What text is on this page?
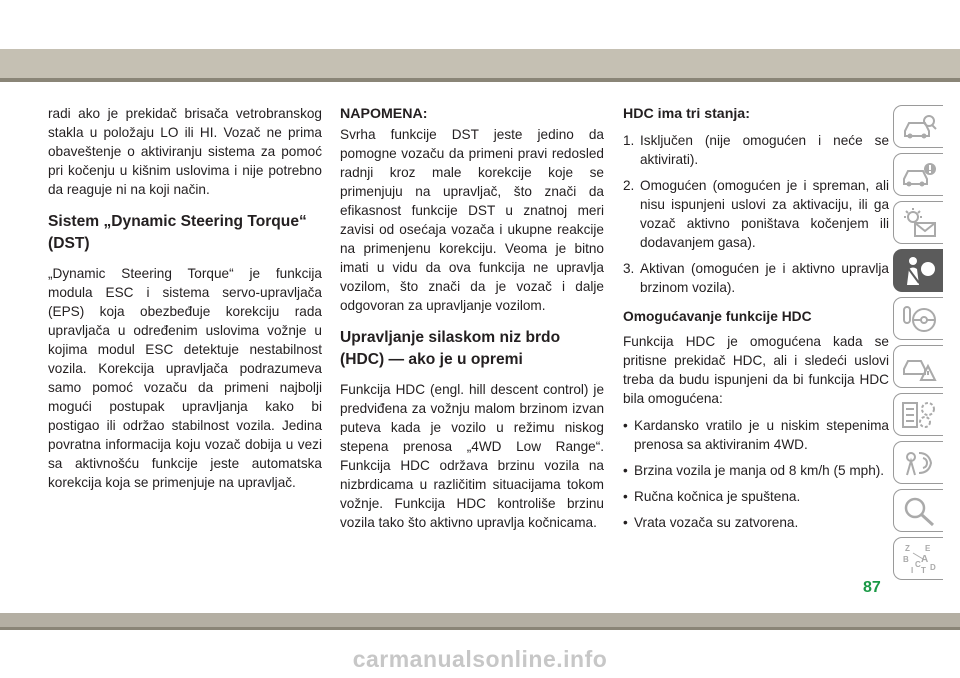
radi ako je prekidač brisača vetrobranskog stakla u položaju LO ili HI. Vozač ne prima obaveštenje o aktiviranju sistema za pomoć pri kočenju u kišnim uslovima i nije potrebno da reaguje ni na koji način.

Sistem „Dynamic Steering Torque“ (DST)

„Dynamic Steering Torque“ je funkcija modula ESC i sistema servo-upravljača (EPS) koja obezbeđuje korekciju rada upravljača u određenim uslovima vožnje u kojima modul ESC detektuje nestabilnost vozila. Korekcija upravljača podrazumeva samo pomoć vozaču da primeni najbolji mogući postupak upravljanja kako bi postigao ili održao stabilnost vozila. Jedina povratna informacija koju vozač dobija u vezi sa aktivnošću funkcije jeste automatska korekcija koja se primenjuje na upravljač.

NAPOMENA:

Svrha funkcije DST jeste jedino da pomogne vozaču da primeni pravi redosled radnji kroz male korekcije koje se primenjuju na upravljač, što znači da efikasnost funkcije DST u znatnoj meri zavisi od osećaja vozača i ukupne reakcije na primenjenu korekciju. Veoma je bitno imati u vidu da ova funkcija ne upravlja vozilom, što znači da je vozač i dalje odgovoran za upravljanje vozilom.

Upravljanje silaskom niz brdo (HDC) — ako je u opremi

Funkcija HDC (engl. hill descent control) je predviđena za vožnju malom brzinom izvan puteva kada je vozilo u režimu niskog stepena prenosa „4WD Low Range“. Funkcija HDC održava brzinu vozila na nizbrdicama u različitim situacijama tokom vožnje. Funkcija HDC kontroliše brzinu vozila tako što aktivno upravlja kočnicama.

HDC ima tri stanja:
1. Isključen (nije omogućen i neće se aktivirati).
2. Omogućen (omogućen je i spreman, ali nisu ispunjeni uslovi za aktivaciju, ili ga vozač aktivno poništava kočenjem ili dodavanjem gasa).
3. Aktivan (omogućen je i aktivno upravlja brzinom vozila).
Omogućavanje funkcije HDC

Funkcija HDC je omogućena kada se pritisne prekidač HDC, ali i sledeći uslovi treba da budu ispunjeni da bi funkcija HDC bila omogućena:

• Kardansko vratilo je u niskim stepenima prenosa sa aktiviranim 4WD.
• Brzina vozila je manja od 8 km/h (5 mph).
• Ručna kočnica je spuštena.
• Vrata vozača su zatvorena.
Z E
B A
I
C
T D
87
carmanualsonline.info
